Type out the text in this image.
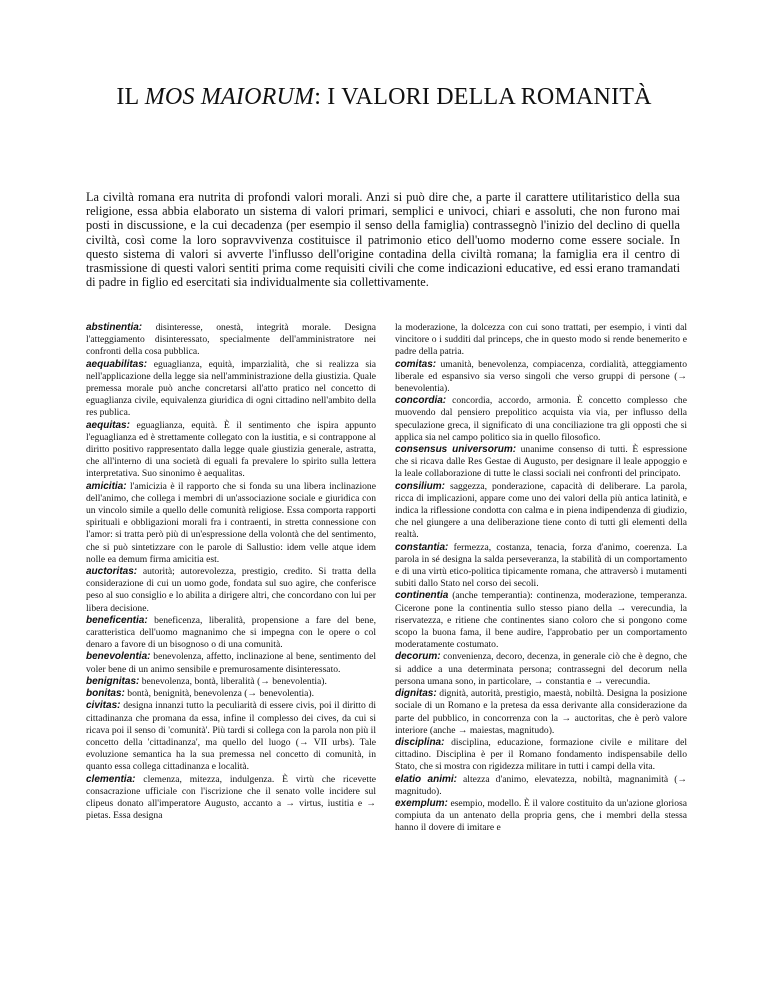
IL MOS MAIORUM: I VALORI DELLA ROMANITÀ
La civiltà romana era nutrita di profondi valori morali. Anzi si può dire che, a parte il carattere utilitaristico della sua religione, essa abbia elaborato un sistema di valori primari, semplici e univoci, chiari e assoluti, che non furono mai posti in discussione, e la cui decadenza (per esempio il senso della famiglia) contrassegnò l'inizio del declino di quella civiltà, così come la loro sopravvivenza costituisce il patrimonio etico dell'uomo moderno come essere sociale. In questo sistema di valori si avverte l'influsso dell'origine contadina della civiltà romana; la famiglia era il centro di trasmissione di questi valori sentiti prima come requisiti civili che come indicazioni educative, ed essi erano tramandati di padre in figlio ed esercitati sia individualmente sia collettivamente.

abstinentia: disinteresse, onestà, integrità morale. Designa l'atteggiamento disinteressato, specialmente dell'amministratore nei confronti della cosa pubblica.

aequabilitas: eguaglianza, equità, imparzialità, che si realizza sia nell'applicazione della legge sia nell'amministrazione della giustizia. Quale premessa morale può anche concretarsi all'atto pratico nel concetto di eguaglianza civile, equivalenza giuridica di ogni cittadino nell'ambito della res publica.

aequitas: eguaglianza, equità. È il sentimento che ispira appunto l'eguaglianza ed è strettamente collegato con la iustitia, e si contrappone al diritto positivo rappresentato dalla legge quale giustizia generale, astratta, che all'interno di una società di eguali fa prevalere lo spirito sulla lettera interpretativa. Suo sinonimo è aequalitas.

amicitia: l'amicizia è il rapporto che si fonda su una libera inclinazione dell'animo, che collega i membri di un'associazione sociale e giuridica con un vincolo simile a quello delle comunità religiose. Essa comporta rapporti spirituali e obbligazioni morali fra i contraenti, in stretta connessione con l'amor: si tratta però più di un'espressione della volontà che del sentimento, che si può sintetizzare con le parole di Sallustio: idem velle atque idem nolle ea demum firma amicitia est.

auctoritas: autorità; autorevolezza, prestigio, credito. Si tratta della considerazione di cui un uomo gode, fondata sul suo agire, che conferisce peso al suo consiglio e lo abilita a dirigere altri, che concordano con lui per libera decisione.

beneficentia: beneficenza, liberalità, propensione a fare del bene, caratteristica dell'uomo magnanimo che si impegna con le opere o col denaro a favore di un bisognoso o di una comunità.

benevolentia: benevolenza, affetto, inclinazione al bene, sentimento del voler bene di un animo sensibile e premurosamente disinteressato.

benignitas: benevolenza, bontà, liberalità (→ benevolentia).

bonitas: bontà, benignità, benevolenza (→ benevolentia).

civitas: designa innanzi tutto la peculiarità di essere civis, poi il diritto di cittadinanza che promana da essa, infine il complesso dei cives, da cui si ricava poi il senso di 'comunità'. Più tardi si collega con la parola non più il concetto della 'cittadinanza', ma quello del luogo (→ VII urbs). Tale evoluzione semantica ha la sua premessa nel concetto di comunità, in quanto essa collega cittadinanza e località.

clementia: clemenza, mitezza, indulgenza. È virtù che ricevette consacrazione ufficiale con l'iscrizione che il senato volle incidere sul clipeus donato all'imperatore Augusto, accanto a → virtus, iustitia e → pietas. Essa designa

la moderazione, la dolcezza con cui sono trattati, per esempio, i vinti dal vincitore o i sudditi dal princeps, che in questo modo si rende benemerito e padre della patria.

comitas: umanità, benevolenza, compiacenza, cordialità, atteggiamento liberale ed espansivo sia verso singoli che verso gruppi di persone (→ benevolentia).

concordia: concordia, accordo, armonia. È concetto complesso che muovendo dal pensiero prepolitico acquista via via, per influsso della speculazione greca, il significato di una conciliazione tra gli opposti che si applica sia nel campo politico sia in quello filosofico.

consensus universorum: unanime consenso di tutti. È espressione che si ricava dalle Res Gestae di Augusto, per designare il leale appoggio e la leale collaborazione di tutte le classi sociali nei confronti del principato.

consilium: saggezza, ponderazione, capacità di deliberare. La parola, ricca di implicazioni, appare come uno dei valori della più antica latinità, e indica la riflessione condotta con calma e in piena indipendenza di giudizio, che nel giungere a una deliberazione tiene conto di tutti gli elementi della realtà.

constantia: fermezza, costanza, tenacia, forza d'animo, coerenza. La parola in sé designa la salda perseveranza, la stabilità di un comportamento e di una virtù etico-politica tipicamente romana, che attraversò i mutamenti subiti dallo Stato nel corso dei secoli.

continentia (anche temperantia): continenza, moderazione, temperanza. Cicerone pone la continentia sullo stesso piano della → verecundia, la riservatezza, e ritiene che continentes siano coloro che si pongono come scopo la buona fama, il bene audire, l'approbatio per un comportamento moderatamente costumato.

decorum: convenienza, decoro, decenza, in generale ciò che è degno, che si addice a una determinata persona; contrassegni del decorum nella persona umana sono, in particolare, → constantia e → verecundia.

dignitas: dignità, autorità, prestigio, maestà, nobiltà. Designa la posizione sociale di un Romano e la pretesa da essa derivante alla considerazione da parte del pubblico, in concorrenza con la → auctoritas, che è però valore interiore (anche → maiestas, magnitudo).

disciplina: disciplina, educazione, formazione civile e militare del cittadino. Disciplina è per il Romano fondamento indispensabile dello Stato, che si mostra con rigidezza militare in tutti i campi della vita.

elatio animi: altezza d'animo, elevatezza, nobiltà, magnanimità (→ magnitudo).

exemplum: esempio, modello. È il valore costituito da un'azione gloriosa compiuta da un antenato della propria gens, che i membri della stessa hanno il dovere di imitare e
